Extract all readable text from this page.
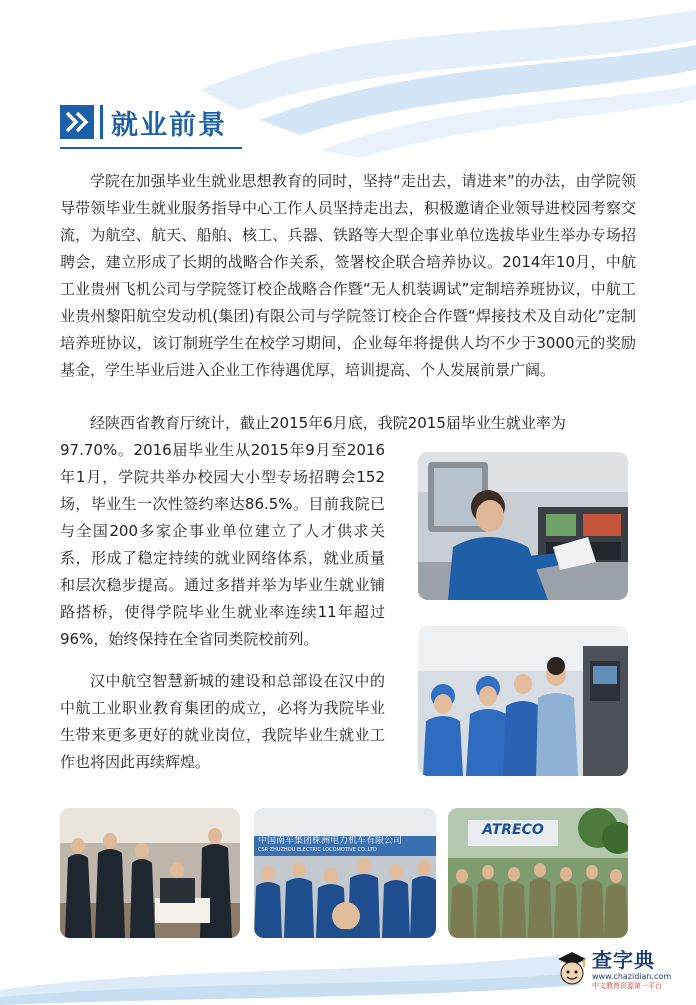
就业前景
学院在加强毕业生就业思想教育的同时，坚持“走出去，请进来”的办法，由学院领导带领毕业生就业服务指导中心工作人员坚持走出去，积极邀请企业领导进校园考察交流，为航空、航天、船舶、核工、兵器、铁路等大型企事业单位选拔毕业生举办专场招聘会，建立形成了长期的战略合作关系，签署校企联合培养协议。2014年10月，中航工业贵州飞机公司与学院签订校企战略合作暨“无人机装调试”定制培养班协议，中航工业贵州黎阳航空发动机(集团)有限公司与学院签订校企合作暨“焊接技术及自动化”定制培养班协议，该订制班学生在校学习期间，企业每年将提供人均不少于3000元的奖励基金，学生毕业后进入企业工作待遇优厚，培训提高、个人发展前景广阔。
经陕西省教育厅统计，截止2015年6月底，我院2015届毕业生就业率为
97.70%。2016届毕业生从2015年9月至2016年1月，学院共举办校园大小型专场招聘会152场，毕业生一次性签约率达86.5%。目前我院已与全国200多家企事业单位建立了人才供求关系，形成了稳定持续的就业网络体系，就业质量和层次稳步提高。通过多措并举为毕业生就业铺路搭桥，使得学院毕业生就业率连续11年超过96%，始终保持在全省同类院校前列。
汉中航空智慧新城的建设和总部设在汉中的中航工业职业教育集团的成立，必将为我院毕业生带来更多更好的就业岗位，我院毕业生就业工作也将因此再续辉煌。
中国南车集团株洲电力机车有限公司
CSR ZHUZHOU ELECTRIC LOCOMOTIVE CO.,LTD
ATRECO
查字典
www.chazidian.com
中文教育资源第一平台
